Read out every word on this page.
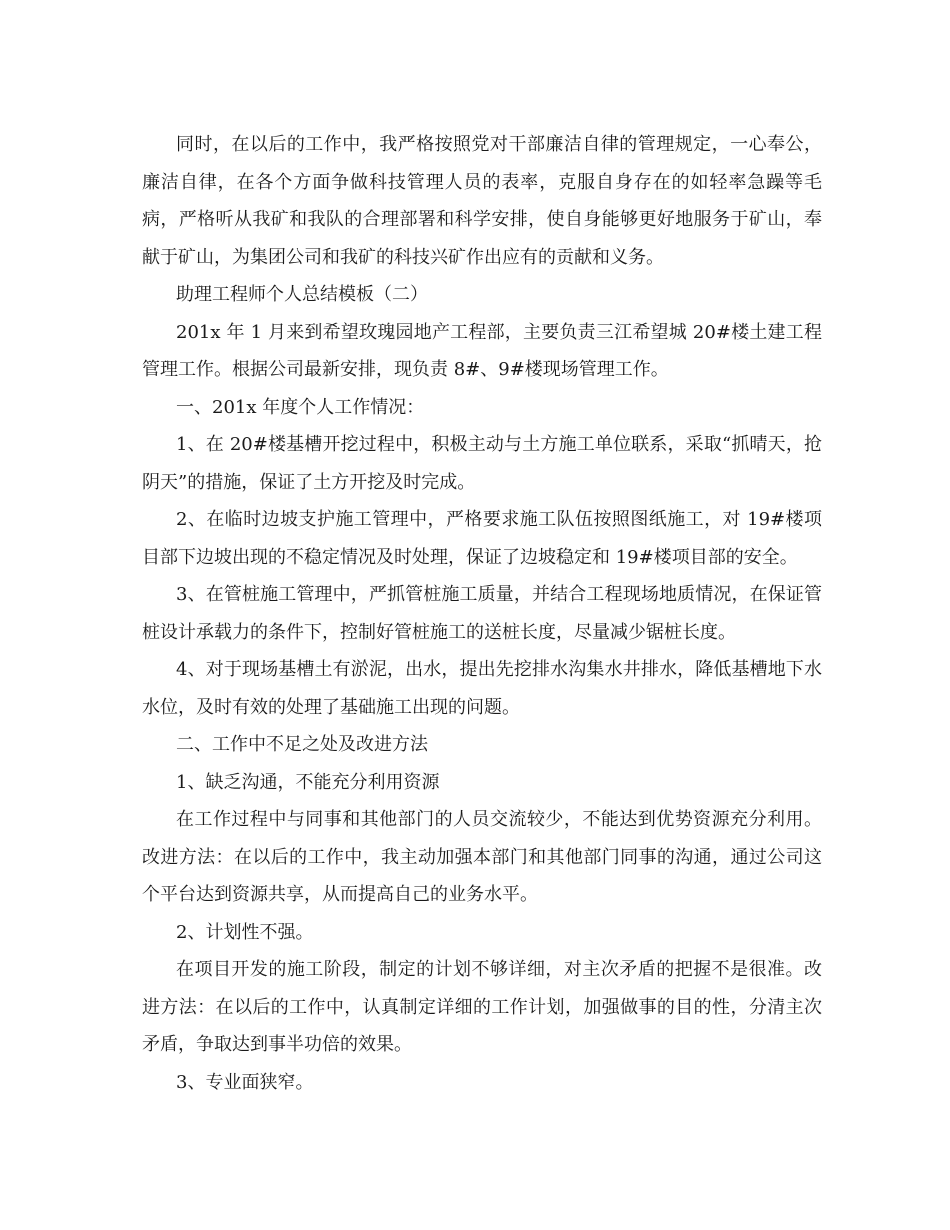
同时，在以后的工作中，我严格按照党对干部廉洁自律的管理规定，一心奉公，廉洁自律，在各个方面争做科技管理人员的表率，克服自身存在的如轻率急躁等毛病，严格听从我矿和我队的合理部署和科学安排，使自身能够更好地服务于矿山，奉献于矿山，为集团公司和我矿的科技兴矿作出应有的贡献和义务。

助理工程师个人总结模板（二）

201x 年 1 月来到希望玫瑰园地产工程部，主要负责三江希望城 20#楼土建工程管理工作。根据公司最新安排，现负责 8#、9#楼现场管理工作。

一、201x 年度个人工作情况：

1、在 20#楼基槽开挖过程中，积极主动与土方施工单位联系，采取“抓晴天，抢阴天”的措施，保证了土方开挖及时完成。

2、在临时边坡支护施工管理中，严格要求施工队伍按照图纸施工，对 19#楼项目部下边坡出现的不稳定情况及时处理，保证了边坡稳定和 19#楼项目部的安全。

3、在管桩施工管理中，严抓管桩施工质量，并结合工程现场地质情况，在保证管桩设计承载力的条件下，控制好管桩施工的送桩长度，尽量减少锯桩长度。

4、对于现场基槽土有淤泥，出水，提出先挖排水沟集水井排水，降低基槽地下水水位，及时有效的处理了基础施工出现的问题。

二、工作中不足之处及改进方法

1、缺乏沟通，不能充分利用资源

在工作过程中与同事和其他部门的人员交流较少，不能达到优势资源充分利用。改进方法：在以后的工作中，我主动加强本部门和其他部门同事的沟通，通过公司这个平台达到资源共享，从而提高自己的业务水平。

2、计划性不强。

在项目开发的施工阶段，制定的计划不够详细，对主次矛盾的把握不是很准。改进方法：在以后的工作中，认真制定详细的工作计划，加强做事的目的性，分清主次矛盾，争取达到事半功倍的效果。

3、专业面狭窄。
